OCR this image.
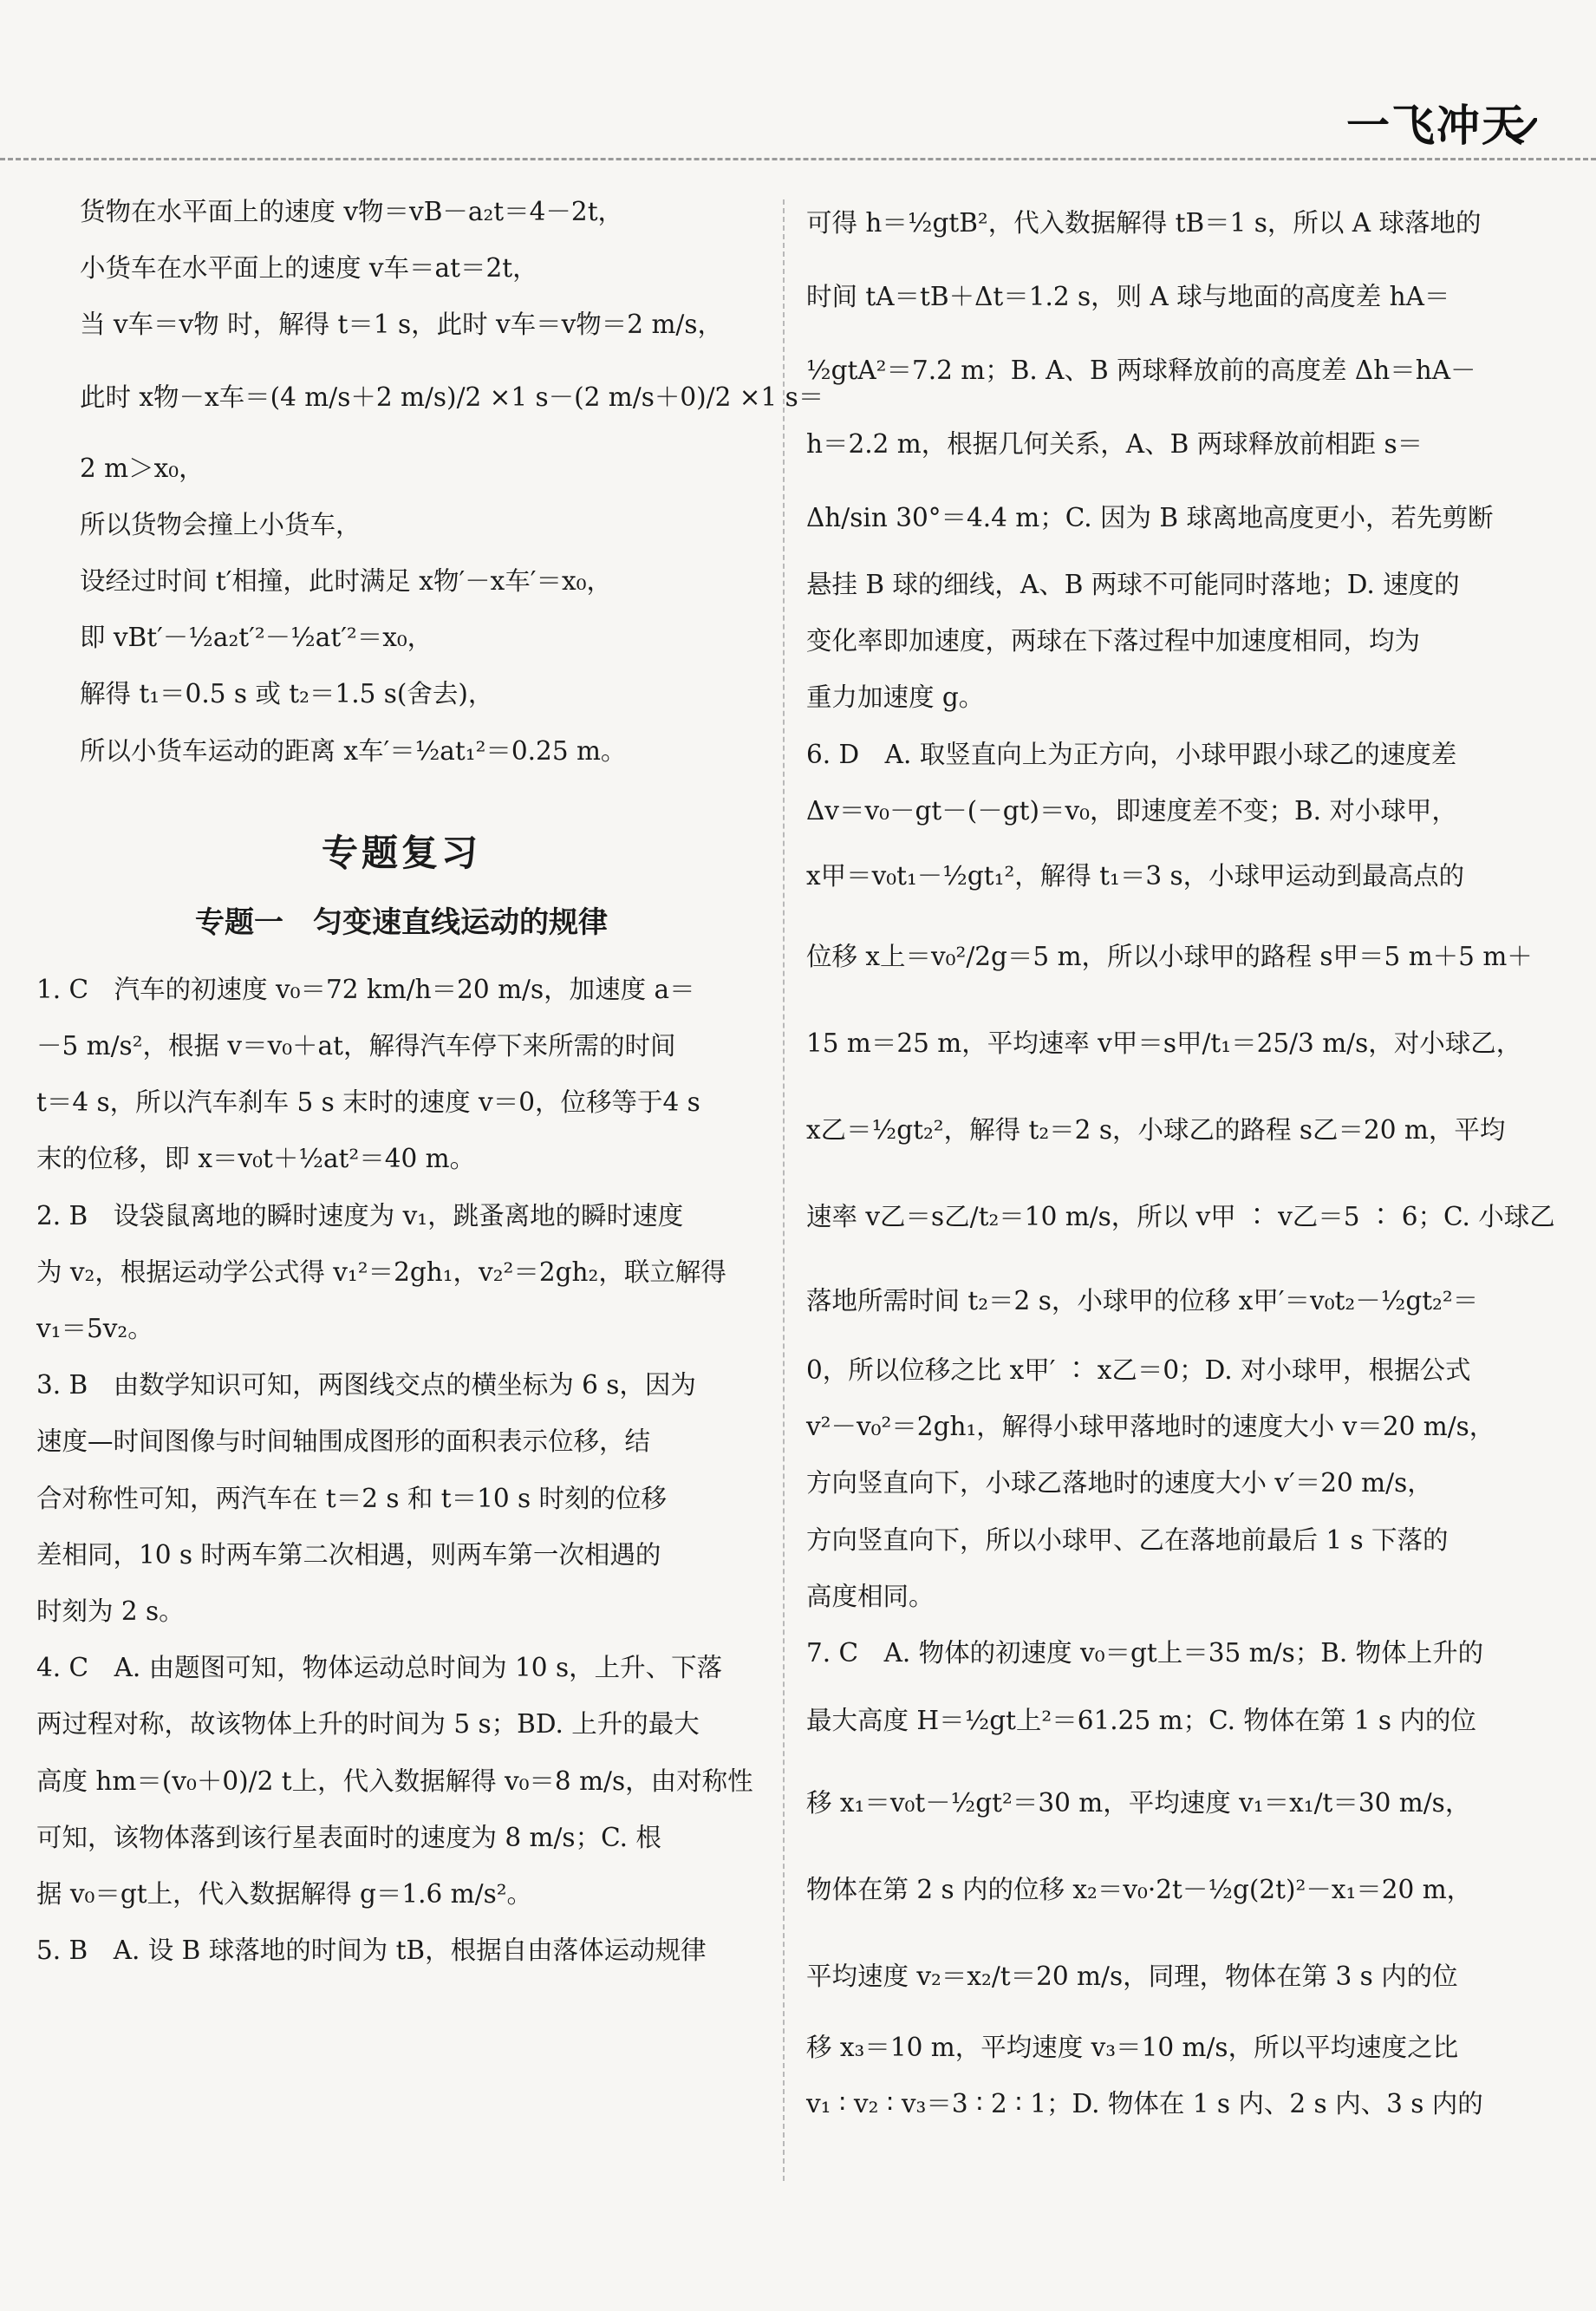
一飞冲天

货物在水平面上的速度 v物＝vB－a₂t＝4－2t，

小货车在水平面上的速度 v车＝at＝2t，

当 v车＝v物 时，解得 t＝1 s，此时 v车＝v物＝2 m/s，

此时 x物－x车＝(4 m/s＋2 m/s)/2 ×1 s－(2 m/s＋0)/2 ×1 s＝

2 m＞x₀，

所以货物会撞上小货车，

设经过时间 t′相撞，此时满足 x物′－x车′＝x₀，

即 vBt′－½a₂t′²－½at′²＝x₀，

解得 t₁＝0.5 s 或 t₂＝1.5 s(舍去)，

所以小货车运动的距离 x车′＝½at₁²＝0.25 m。

专题复习
专题一　匀变速直线运动的规律

1. C　汽车的初速度 v₀＝72 km/h＝20 m/s，加速度 a＝

－5 m/s²，根据 v＝v₀＋at，解得汽车停下来所需的时间

t＝4 s，所以汽车刹车 5 s 末时的速度 v＝0，位移等于4 s

末的位移，即 x＝v₀t＋½at²＝40 m。

2. B　设袋鼠离地的瞬时速度为 v₁，跳蚤离地的瞬时速度

为 v₂，根据运动学公式得 v₁²＝2gh₁，v₂²＝2gh₂，联立解得

v₁＝5v₂。

3. B　由数学知识可知，两图线交点的横坐标为 6 s，因为

速度—时间图像与时间轴围成图形的面积表示位移，结

合对称性可知，两汽车在 t＝2 s 和 t＝10 s 时刻的位移

差相同，10 s 时两车第二次相遇，则两车第一次相遇的

时刻为 2 s。

4. C　A. 由题图可知，物体运动总时间为 10 s，上升、下落

两过程对称，故该物体上升的时间为 5 s；BD. 上升的最大

高度 hm＝(v₀＋0)/2 t上，代入数据解得 v₀＝8 m/s，由对称性

可知，该物体落到该行星表面时的速度为 8 m/s；C. 根

据 v₀＝gt上，代入数据解得 g＝1.6 m/s²。

5. B　A. 设 B 球落地的时间为 tB，根据自由落体运动规律

可得 h＝½gtB²，代入数据解得 tB＝1 s，所以 A 球落地的

时间 tA＝tB＋Δt＝1.2 s，则 A 球与地面的高度差 hA＝

½gtA²＝7.2 m；B. A、B 两球释放前的高度差 Δh＝hA－

h＝2.2 m，根据几何关系，A、B 两球释放前相距 s＝

Δh/sin 30°＝4.4 m；C. 因为 B 球离地高度更小，若先剪断

悬挂 B 球的细线，A、B 两球不可能同时落地；D. 速度的

变化率即加速度，两球在下落过程中加速度相同，均为

重力加速度 g。

6. D　A. 取竖直向上为正方向，小球甲跟小球乙的速度差

Δv＝v₀－gt－(－gt)＝v₀，即速度差不变；B. 对小球甲，

x甲＝v₀t₁－½gt₁²，解得 t₁＝3 s，小球甲运动到最高点的

位移 x上＝v₀²/2g＝5 m，所以小球甲的路程 s甲＝5 m＋5 m＋

15 m＝25 m，平均速率 v甲＝s甲/t₁＝25/3 m/s，对小球乙，

x乙＝½gt₂²，解得 t₂＝2 s，小球乙的路程 s乙＝20 m，平均

速率 v乙＝s乙/t₂＝10 m/s，所以 v甲 ∶ v乙＝5 ∶ 6；C. 小球乙

落地所需时间 t₂＝2 s，小球甲的位移 x甲′＝v₀t₂－½gt₂²＝

0，所以位移之比 x甲′ ∶ x乙＝0；D. 对小球甲，根据公式

v²－v₀²＝2gh₁，解得小球甲落地时的速度大小 v＝20 m/s，

方向竖直向下，小球乙落地时的速度大小 v′＝20 m/s，

方向竖直向下，所以小球甲、乙在落地前最后 1 s 下落的

高度相同。

7. C　A. 物体的初速度 v₀＝gt上＝35 m/s；B. 物体上升的

最大高度 H＝½gt上²＝61.25 m；C. 物体在第 1 s 内的位

移 x₁＝v₀t－½gt²＝30 m，平均速度 v₁＝x₁/t＝30 m/s，

物体在第 2 s 内的位移 x₂＝v₀·2t－½g(2t)²－x₁＝20 m，

平均速度 v₂＝x₂/t＝20 m/s，同理，物体在第 3 s 内的位

移 x₃＝10 m，平均速度 v₃＝10 m/s，所以平均速度之比

v₁ ∶ v₂ ∶ v₃＝3 ∶ 2 ∶ 1；D. 物体在 1 s 内、2 s 内、3 s 内的
